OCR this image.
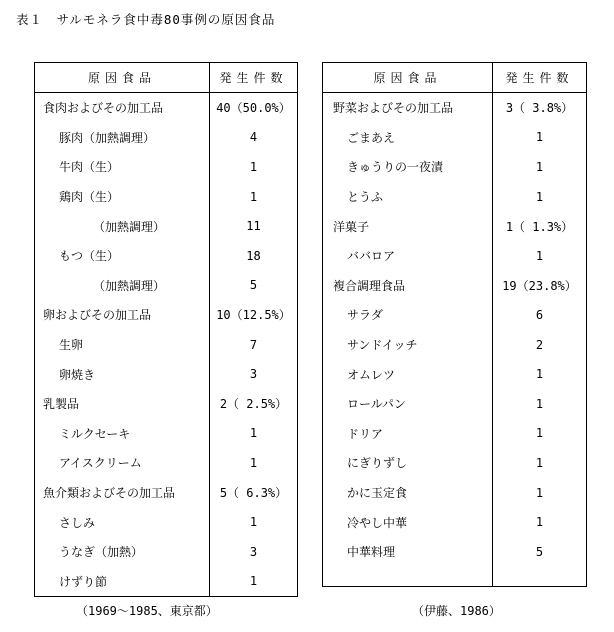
表１　サルモネラ食中毒80事例の原因食品
原因食品	発生件数
食肉およびその加工品	40（50.0%）
豚肉（加熱調理）	4
牛肉（生）	1
鶏肉（生）	1
（加熱調理）	11
もつ（生）	18
（加熱調理）	5
卵およびその加工品	10（12.5%）
生卵	7
卵焼き	3
乳製品	2（ 2.5%）
ミルクセーキ	1
アイスクリーム	1
魚介類およびその加工品	5（ 6.3%）
さしみ	1
うなぎ（加熱）	3
けずり節	1
原因食品	発生件数
野菜およびその加工品	3（ 3.8%）
ごまあえ	1
きゅうりの一夜漬	1
とうふ	1
洋菓子	1（ 1.3%）
ババロア	1
複合調理食品	19（23.8%）
サラダ	6
サンドイッチ	2
オムレツ	1
ロールパン	1
ドリア	1
にぎりずし	1
かに玉定食	1
冷やし中華	1
中華料理	5

（1969～1985、東京都）	（伊藤、1986）
